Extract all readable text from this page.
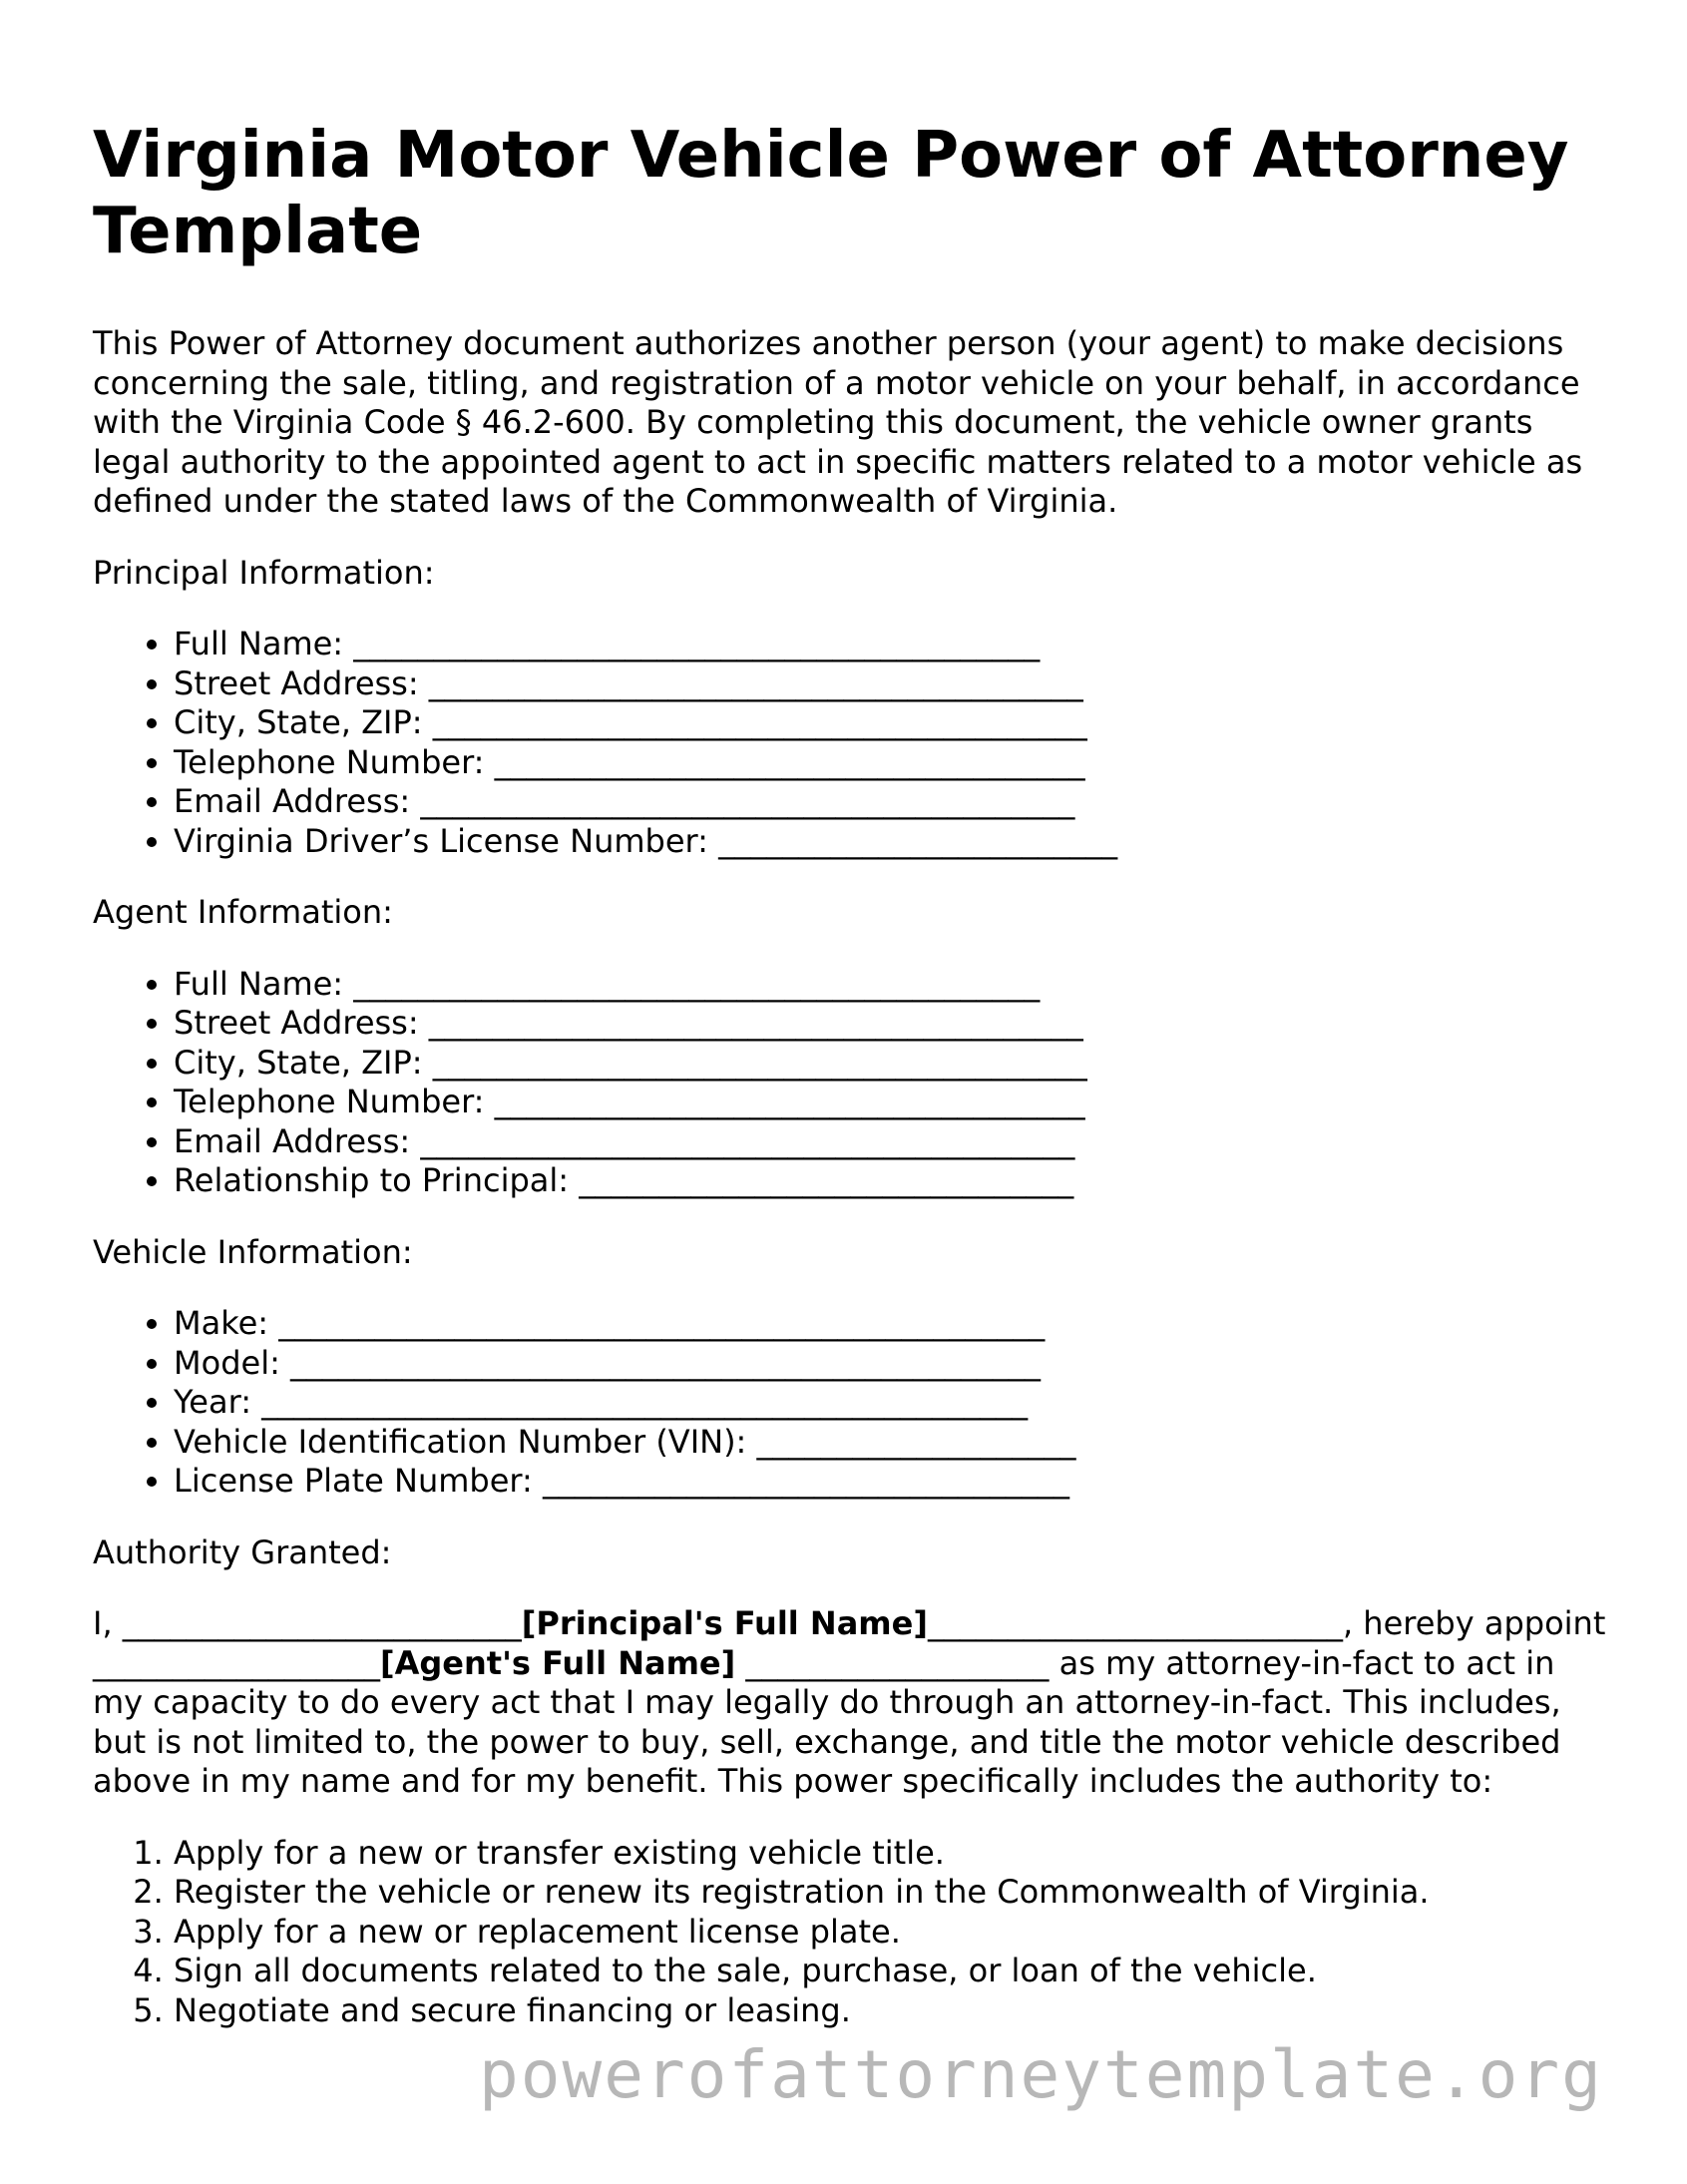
Virginia Motor Vehicle Power of Attorney Template

This Power of Attorney document authorizes another person (your agent) to make decisions concerning the sale, titling, and registration of a motor vehicle on your behalf, in accordance with the Virginia Code § 46.2-600. By completing this document, the vehicle owner grants legal authority to the appointed agent to act in specific matters related to a motor vehicle as defined under the stated laws of the Commonwealth of Virginia.

Principal Information:

• Full Name: ___________________________________________
• Street Address: _________________________________________
• City, State, ZIP: _________________________________________
• Telephone Number: _____________________________________
• Email Address: _________________________________________
• Virginia Driver’s License Number: _________________________

Agent Information:

• Full Name: ___________________________________________
• Street Address: _________________________________________
• City, State, ZIP: _________________________________________
• Telephone Number: _____________________________________
• Email Address: _________________________________________
• Relationship to Principal: _______________________________

Vehicle Information:

• Make: ________________________________________________
• Model: _______________________________________________
• Year: ________________________________________________
• Vehicle Identification Number (VIN): ____________________
• License Plate Number: _________________________________

Authority Granted:

I, _________________________[Principal's Full Name]__________________________, hereby appoint __________________[Agent's Full Name] ___________________ as my attorney-in-fact to act in my capacity to do every act that I may legally do through an attorney-in-fact. This includes, but is not limited to, the power to buy, sell, exchange, and title the motor vehicle described above in my name and for my benefit. This power specifically includes the authority to:

1. Apply for a new or transfer existing vehicle title.
2. Register the vehicle or renew its registration in the Commonwealth of Virginia.
3. Apply for a new or replacement license plate.
4. Sign all documents related to the sale, purchase, or loan of the vehicle.
5. Negotiate and secure financing or leasing.
powerofattorneytemplate.org
